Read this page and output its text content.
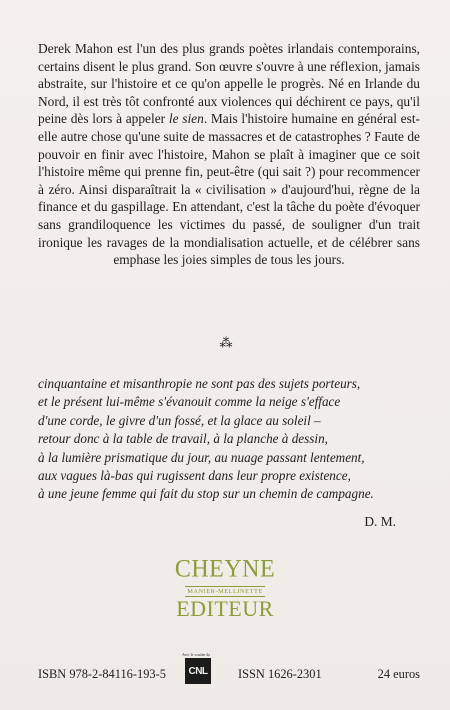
Derek Mahon est l'un des plus grands poètes irlandais contemporains, certains disent le plus grand. Son œuvre s'ouvre à une réflexion, jamais abstraite, sur l'histoire et ce qu'on appelle le progrès. Né en Irlande du Nord, il est très tôt confronté aux violences qui déchirent ce pays, qu'il peine dès lors à appeler le sien. Mais l'histoire humaine en général est-elle autre chose qu'une suite de massacres et de catastrophes ? Faute de pouvoir en finir avec l'histoire, Mahon se plaît à imaginer que ce soit l'histoire même qui prenne fin, peut-être (qui sait ?) pour recommencer à zéro. Ainsi disparaîtrait la « civilisation » d'aujourd'hui, règne de la finance et du gaspillage. En attendant, c'est la tâche du poète d'évoquer sans grandiloquence les victimes du passé, de souligner d'un trait ironique les ravages de la mondialisation actuelle, et de célébrer sans emphase les joies simples de tous les jours.

⁂
cinquantaine et misanthropie ne sont pas des sujets porteurs,
et le présent lui-même s'évanouit comme la neige s'efface
d'une corde, le givre d'un fossé, et la glace au soleil –
retour donc à la table de travail, à la planche à dessin,
à la lumière prismatique du jour, au nuage passant lentement,
aux vagues là-bas qui rugissent dans leur propre existence,
à une jeune femme qui fait du stop sur un chemin de campagne.
D. M.
CHEYNE
MANIER-MELLINETTE
EDITEUR
ISBN 978-2-84116-193-5
Avec le soutien du
CNL ISSN 1626-2301	24 euros
